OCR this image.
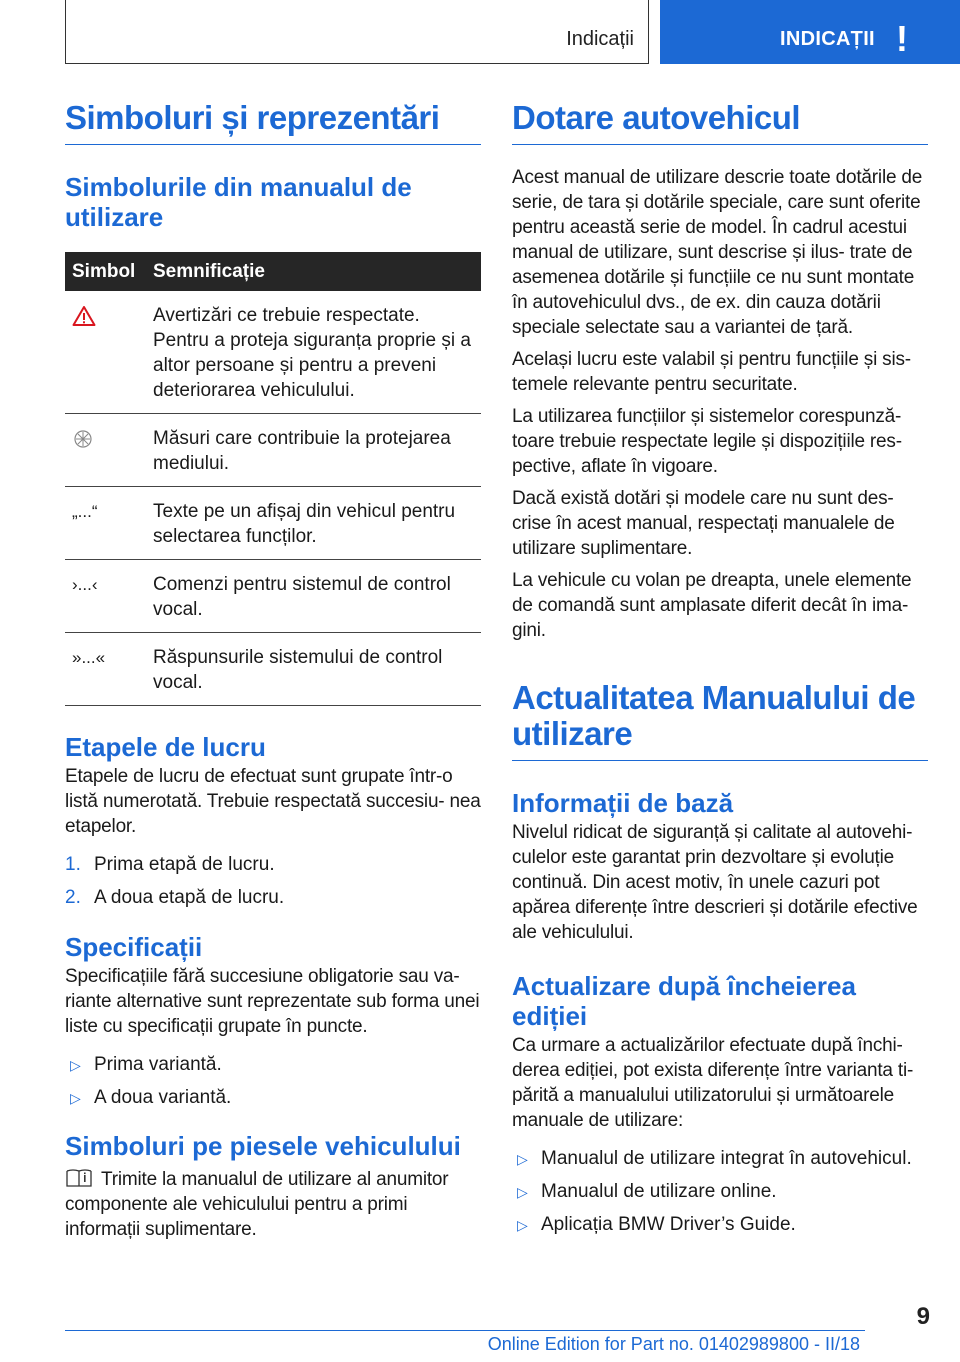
Indicații	INDICAȚII !
Simboluri și reprezentări
Simbolurile din manualul de utilizare
Simbol	Semnificație
	Avertizări ce trebuie respectate. Pentru a proteja siguranța proprie și a altor persoane și pentru a preveni deteriorarea vehiculului.
	Măsuri care contribuie la protejarea mediului.
„...“	Texte pe un afișaj din vehicul pentru selectarea funcților.
›...‹	Comenzi pentru sistemul de control vocal.
»...«	Răspunsurile sistemului de control vocal.
Etapele de lucru

Etapele de lucru de efectuat sunt grupate într-o listă numerotată. Trebuie respectată succesiu- nea etapelor.

1. Prima etapă de lucru.
2. A doua etapă de lucru.
Specificații

Specificațiile fără succesiune obligatorie sau va- riante alternative sunt reprezentate sub forma unei liste cu specificații grupate în puncte.

▷ Prima variantă.
▷ A doua variantă.
Simboluri pe piesele vehiculului

Trimite la manualul de utilizare al anumitor componente ale vehiculului pentru a primi informații suplimentare.

Dotare autovehicul

Acest manual de utilizare descrie toate dotările de serie, de tara și dotările speciale, care sunt oferite pentru această serie de model. În cadrul acestui manual de utilizare, sunt descrise și ilus- trate de asemenea dotările și funcțiile ce nu sunt montate în autovehiculul dvs., de ex. din cauza dotării speciale selectate sau a variantei de țară.

Același lucru este valabil și pentru funcțiile și sis- temele relevante pentru securitate.

La utilizarea funcțiilor și sistemelor corespunză- toare trebuie respectate legile și dispozițiile res- pective, aflate în vigoare.

Dacă există dotări și modele care nu sunt des- crise în acest manual, respectați manualele de utilizare suplimentare.

La vehicule cu volan pe dreapta, unele elemente de comandă sunt amplasate diferit decât în ima- gini.

Actualitatea Manualului de utilizare
Informații de bază

Nivelul ridicat de siguranță și calitate al autovehi- culelor este garantat prin dezvoltare și evoluție continuă. Din acest motiv, în unele cazuri pot apărea diferențe între descrieri și dotările efective ale vehiculului.

Actualizare după încheierea ediției

Ca urmare a actualizărilor efectuate după închi- derea ediției, pot exista diferențe între varianta ti- părită a manualului utilizatorului și următoarele manuale de utilizare:

▷ Manualul de utilizare integrat în autovehicul.
▷ Manualul de utilizare online.
▷ Aplicația BMW Driver’s Guide.
9
Online Edition for Part no. 01402989800 - II/18
